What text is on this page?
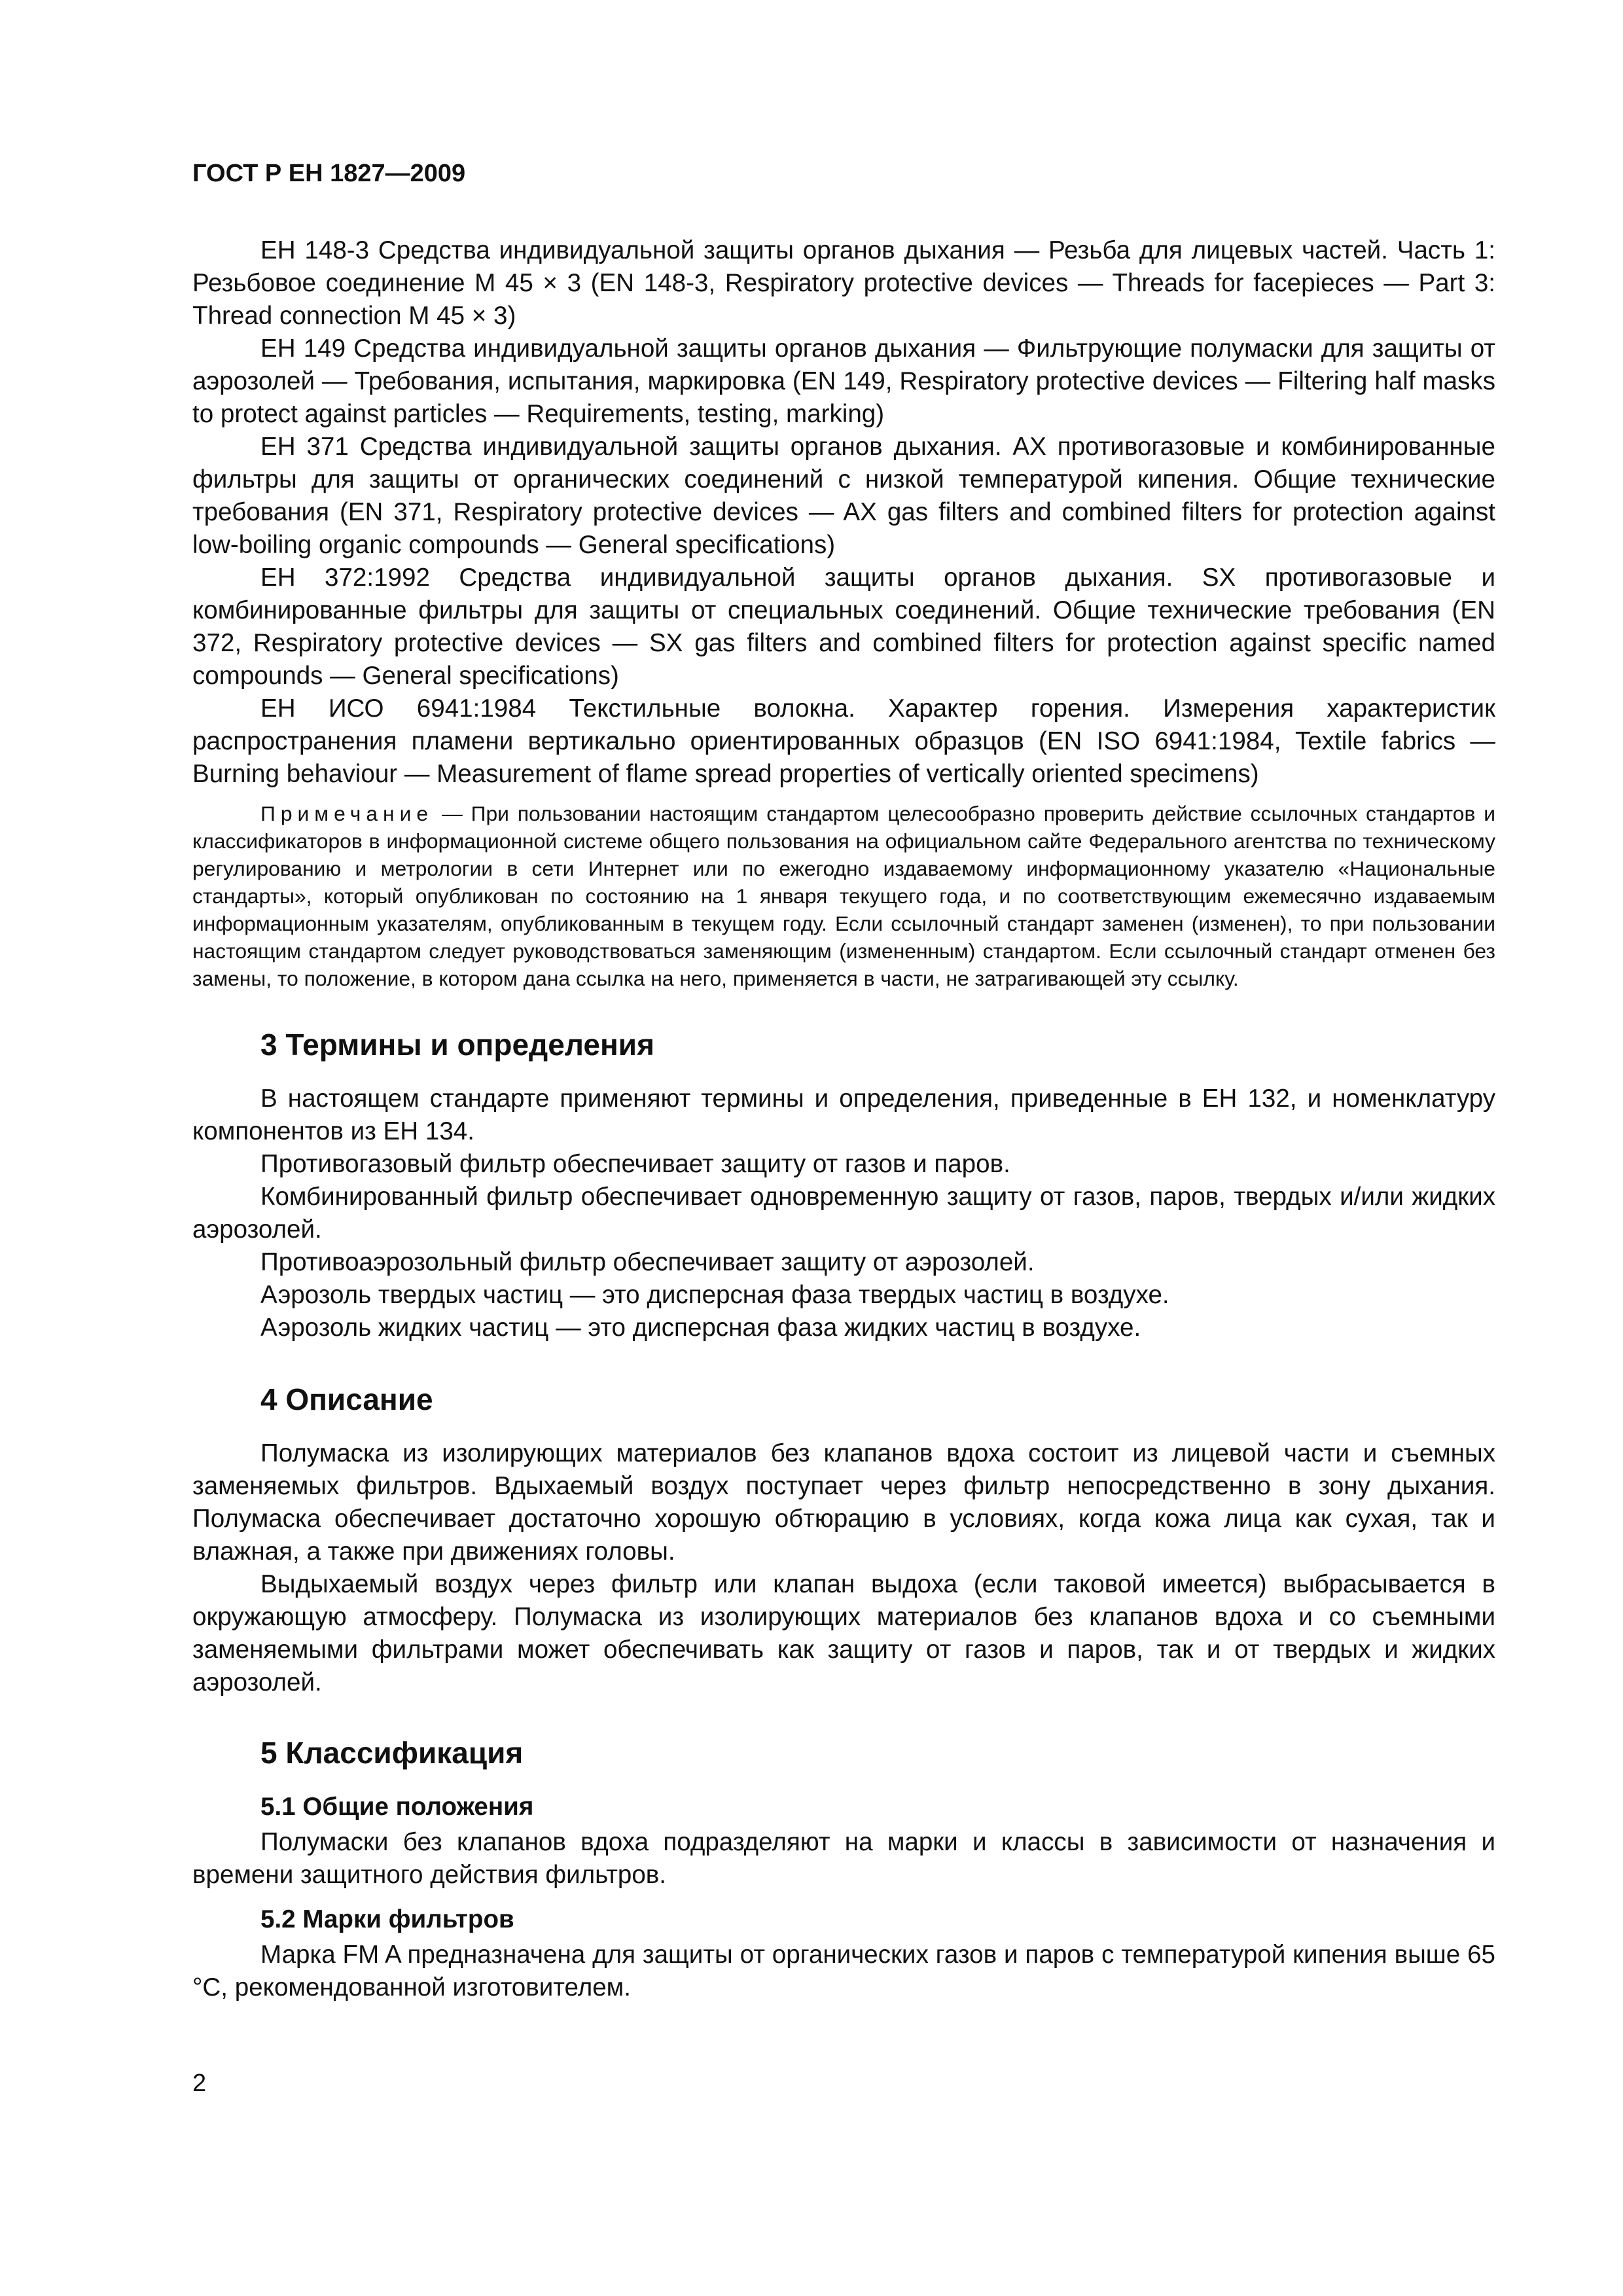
ГОСТ Р ЕН 1827—2009

ЕН 148-3 Средства индивидуальной защиты органов дыхания — Резьба для лицевых частей. Часть 1: Резьбовое соединение M 45 × 3 (EN 148-3, Respiratory protective devices — Threads for facepieces — Part 3: Thread connection M 45 × 3)

ЕН 149 Средства индивидуальной защиты органов дыхания — Фильтрующие полумаски для защиты от аэрозолей — Требования, испытания, маркировка (EN 149, Respiratory protective devices — Filtering half masks to protect against particles — Requirements, testing, marking)

ЕН 371 Средства индивидуальной защиты органов дыхания. АХ противогазовые и комбинированные фильтры для защиты от органических соединений с низкой температурой кипения. Общие технические требования (EN 371, Respiratory protective devices — AX gas filters and combined filters for protection against low-boiling organic compounds — General specifications)

ЕН 372:1992 Средства индивидуальной защиты органов дыхания. SX противогазовые и комбинированные фильтры для защиты от специальных соединений. Общие технические требования (EN 372, Respiratory protective devices — SX gas filters and combined filters for protection against specific named compounds — General specifications)

ЕН ИСО 6941:1984 Текстильные волокна. Характер горения. Измерения характеристик распространения пламени вертикально ориентированных образцов (EN ISO 6941:1984, Textile fabrics — Burning behaviour — Measurement of flame spread properties of vertically oriented specimens)

Примечание — При пользовании настоящим стандартом целесообразно проверить действие ссылочных стандартов и классификаторов в информационной системе общего пользования на официальном сайте Федерального агентства по техническому регулированию и метрологии в сети Интернет или по ежегодно издаваемому информационному указателю «Национальные стандарты», который опубликован по состоянию на 1 января текущего года, и по соответствующим ежемесячно издаваемым информационным указателям, опубликованным в текущем году. Если ссылочный стандарт заменен (изменен), то при пользовании настоящим стандартом следует руководствоваться заменяющим (измененным) стандартом. Если ссылочный стандарт отменен без замены, то положение, в котором дана ссылка на него, применяется в части, не затрагивающей эту ссылку.
3 Термины и определения

В настоящем стандарте применяют термины и определения, приведенные в ЕН 132, и номенклатуру компонентов из ЕН 134.

Противогазовый фильтр обеспечивает защиту от газов и паров.

Комбинированный фильтр обеспечивает одновременную защиту от газов, паров, твердых и/или жидких аэрозолей.

Противоаэрозольный фильтр обеспечивает защиту от аэрозолей.

Аэрозоль твердых частиц — это дисперсная фаза твердых частиц в воздухе.

Аэрозоль жидких частиц — это дисперсная фаза жидких частиц в воздухе.

4 Описание

Полумаска из изолирующих материалов без клапанов вдоха состоит из лицевой части и съемных заменяемых фильтров. Вдыхаемый воздух поступает через фильтр непосредственно в зону дыхания. Полумаска обеспечивает достаточно хорошую обтюрацию в условиях, когда кожа лица как сухая, так и влажная, а также при движениях головы.

Выдыхаемый воздух через фильтр или клапан выдоха (если таковой имеется) выбрасывается в окружающую атмосферу. Полумаска из изолирующих материалов без клапанов вдоха и со съемными заменяемыми фильтрами может обеспечивать как защиту от газов и паров, так и от твердых и жидких аэрозолей.

5 Классификация
5.1 Общие положения

Полумаски без клапанов вдоха подразделяют на марки и классы в зависимости от назначения и времени защитного действия фильтров.

5.2 Марки фильтров

Марка FM A предназначена для защиты от органических газов и паров с температурой кипения выше 65 °С, рекомендованной изготовителем.

2
